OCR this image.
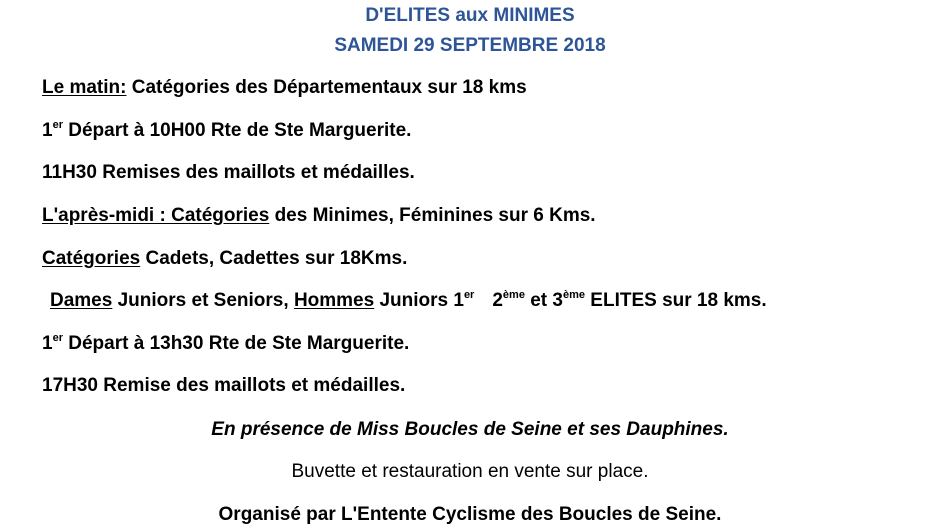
D'ELITES aux MINIMES
SAMEDI 29 SEPTEMBRE 2018
Le matin: Catégories des Départementaux sur 18 kms
1er Départ à 10H00 Rte de Ste Marguerite.
11H30 Remises des maillots et médailles.
L'après-midi : Catégories des Minimes, Féminines sur 6 Kms.
Catégories Cadets, Cadettes sur 18Kms.
Dames Juniors et Seniors, Hommes Juniors 1er 2ème et 3ème ELITES sur 18 kms.
1er Départ à 13h30 Rte de Ste Marguerite.
17H30 Remise des maillots et médailles.
En présence de Miss Boucles de Seine et ses Dauphines.
Buvette et restauration en vente sur place.
Organisé par L'Entente Cyclisme des Boucles de Seine.
